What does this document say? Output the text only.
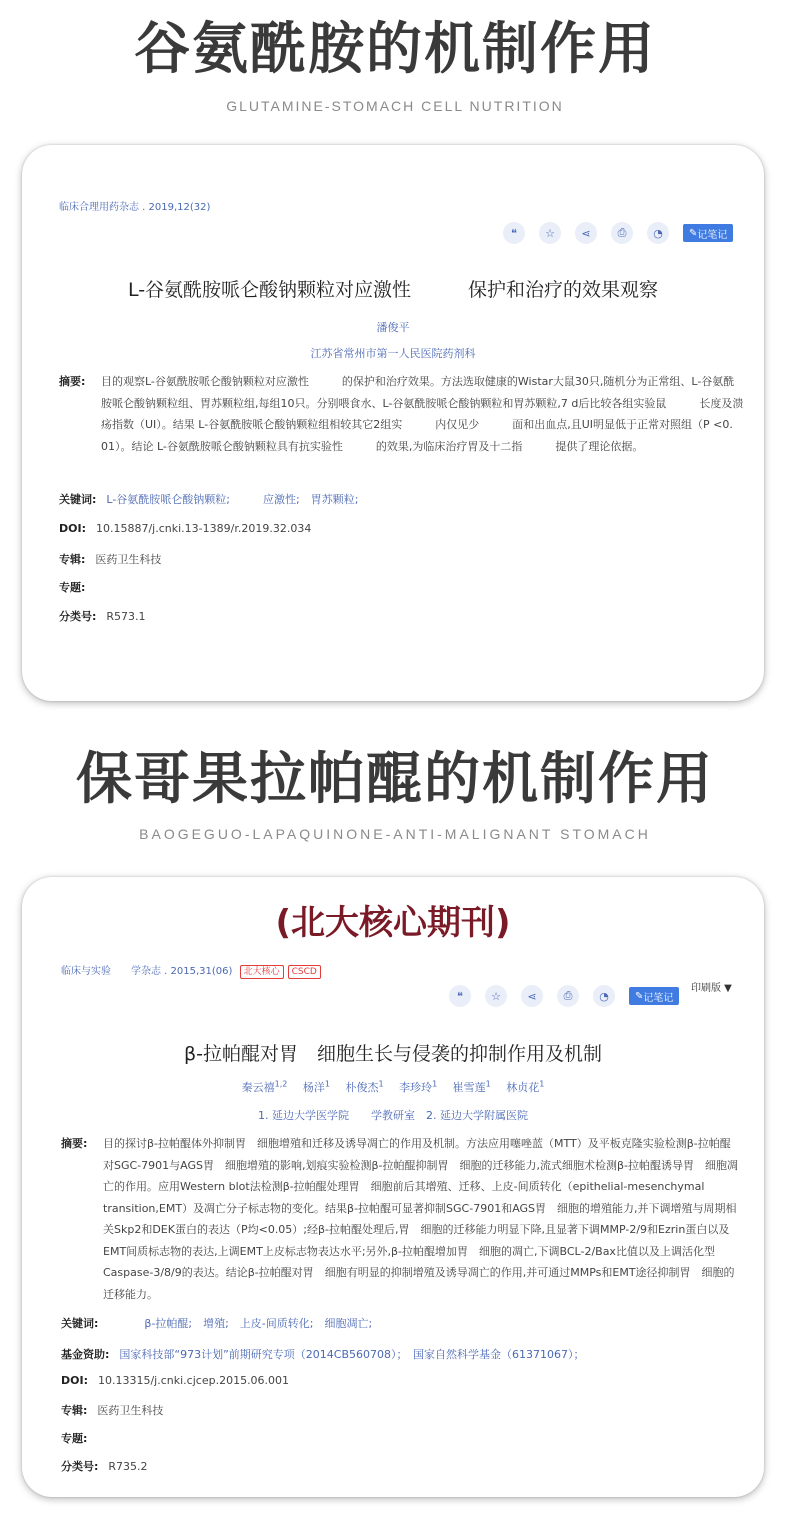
谷氨酰胺的机制作用
GLUTAMINE-STOMACH CELL NUTRITION
临床合理用药杂志 . 2019,12(32)
❝	☆	⋖	⎙	◔	✎ 记笔记
L-谷氨酰胺哌仑酸钠颗粒对应激性　　　保护和治疗的效果观察
潘俊平
江苏省常州市第一人民医院药剂科
摘要: 目的观察L-谷氨酰胺哌仑酸钠颗粒对应激性　　　的保护和治疗效果。方法选取健康的Wistar大鼠30只,随机分为正常组、L-谷氨酰胺哌仑酸钠颗粒组、胃苏颗粒组,每组10只。分别喂食水、L-谷氨酰胺哌仑酸钠颗粒和胃苏颗粒,7 d后比较各组实验鼠　　　长度及溃疡指数（UI）。结果 L-谷氨酰胺哌仑酸钠颗粒组相较其它2组实　　　内仅见少　　　面和出血点,且UI明显低于正常对照组（P <0. 01）。结论 L-谷氨酰胺哌仑酸钠颗粒具有抗实验性　　　的效果,为临床治疗胃及十二指　　　提供了理论依据。
关键词: L-谷氨酰胺哌仑酸钠颗粒;　　　应激性;　胃苏颗粒;
DOI: 10.15887/j.cnki.13-1389/r.2019.32.034
专辑: 医药卫生科技
专题:
分类号: R573.1
保哥果拉帕醌的机制作用
BAOGEGUO-LAPAQUINONE-ANTI-MALIGNANT STOMACH
(北大核心期刊)
临床与实验　　学杂志 . 2015,31(06) 北大核心 CSCD
印刷版 ▼
❝	☆	⋖	⎙	◔	✎ 记笔记
β-拉帕醌对胃　细胞生长与侵袭的抑制作用及机制
秦云禧$^{1,2}$ 杨洋$^1$ 朴俊杰$^1$ 李珍玲$^1$ 崔雪莲$^1$ 林贞花$^1$
1. 延边大学医学院　　学教研室　2. 延边大学附属医院
摘要: 目的探讨β-拉帕醌体外抑制胃　细胞增殖和迁移及诱导凋亡的作用及机制。方法应用噻唑蓝（MTT）及平板克隆实验检测β-拉帕醌对SGC-7901与AGS胃　细胞增殖的影响,划痕实验检测β-拉帕醌抑制胃　细胞的迁移能力,流式细胞术检测β-拉帕醌诱导胃　细胞凋亡的作用。应用Western blot法检测β-拉帕醌处理胃　细胞前后其增殖、迁移、上皮-间质转化（epithelial-mesenchymal transition,EMT）及凋亡分子标志物的变化。结果β-拉帕醌可显著抑制SGC-7901和AGS胃　细胞的增殖能力,并下调增殖与周期相关Skp2和DEK蛋白的表达（P均<0.05）;经β-拉帕醌处理后,胃　细胞的迁移能力明显下降,且显著下调MMP-2/9和Ezrin蛋白以及EMT间质标志物的表达,上调EMT上皮标志物表达水平;另外,β-拉帕醌增加胃　细胞的凋亡,下调BCL-2/Bax比值以及上调活化型Caspase-3/8/9的表达。结论β-拉帕醌对胃　细胞有明显的抑制增殖及诱导凋亡的作用,并可通过MMPs和EMT途径抑制胃　细胞的迁移能力。
关键词:	β-拉帕醌;　增殖;　上皮-间质转化;　细胞凋亡;
基金资助: 国家科技部“973计划”前期研究专项（2014CB560708）；　国家自然科学基金（61371067）；
DOI: 10.13315/j.cnki.cjcep.2015.06.001
专辑: 医药卫生科技
专题:
分类号: R735.2
